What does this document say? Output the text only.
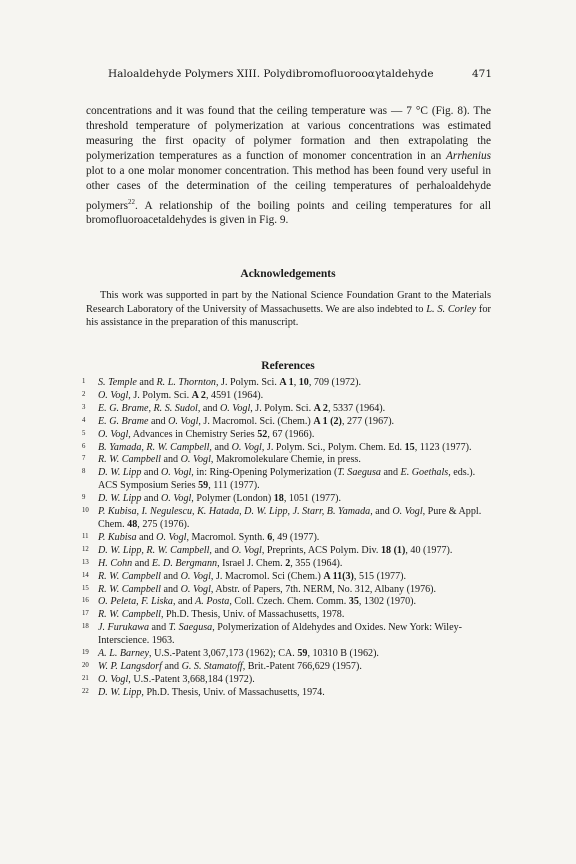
Haloaldehyde Polymers XIII. Polydibromofluoroοαγtaldehyde	471
concentrations and it was found that the ceiling temperature was — 7 °C (Fig. 8). The threshold temperature of polymerization at various concentrations was estimated measuring the first opacity of polymer formation and then extrapolating the polymerization temperatures as a function of monomer concentration in an Arrhenius plot to a one molar monomer concentration. This method has been found very useful in other cases of the determination of the ceiling temperatures of perhaloaldehyde polymers$^{22}$. A relationship of the boiling points and ceiling temperatures for all bromofluoroacetaldehydes is given in Fig. 9.
Acknowledgements
This work was supported in part by the National Science Foundation Grant to the Materials Research Laboratory of the University of Massachusetts. We are also indebted to L. S. Corley for his assistance in the preparation of this manuscript.
References
1 S. Temple and R. L. Thornton, J. Polym. Sci. A 1, 10, 709 (1972).
2 O. Vogl, J. Polym. Sci. A 2, 4591 (1964).
3 E. G. Brame, R. S. Sudol, and O. Vogl, J. Polym. Sci. A 2, 5337 (1964).
4 E. G. Brame and O. Vogl, J. Macromol. Sci. (Chem.) A 1 (2), 277 (1967).
5 O. Vogl, Advances in Chemistry Series 52, 67 (1966).
6 B. Yamada, R. W. Campbell, and O. Vogl, J. Polym. Sci., Polym. Chem. Ed. 15, 1123 (1977).
7 R. W. Campbell and O. Vogl, Makromolekulare Chemie, in press.
8 D. W. Lipp and O. Vogl, in: Ring-Opening Polymerization (T. Saegusa and E. Goethals, eds.). ACS Symposium Series 59, 111 (1977).
9 D. W. Lipp and O. Vogl, Polymer (London) 18, 1051 (1977).
10 P. Kubisa, I. Negulescu, K. Hatada, D. W. Lipp, J. Starr, B. Yamada, and O. Vogl, Pure & Appl. Chem. 48, 275 (1976).
11 P. Kubisa and O. Vogl, Macromol. Synth. 6, 49 (1977).
12 D. W. Lipp, R. W. Campbell, and O. Vogl, Preprints, ACS Polym. Div. 18 (1), 40 (1977).
13 H. Cohn and E. D. Bergmann, Israel J. Chem. 2, 355 (1964).
14 R. W. Campbell and O. Vogl, J. Macromol. Sci (Chem.) A 11(3), 515 (1977).
15 R. W. Campbell and O. Vogl, Abstr. of Papers, 7th. NERM, No. 312, Albany (1976).
16 O. Peleta, F. Liska, and A. Posta, Coll. Czech. Chem. Comm. 35, 1302 (1970).
17 R. W. Campbell, Ph.D. Thesis, Univ. of Massachusetts, 1978.
18 J. Furukawa and T. Saegusa, Polymerization of Aldehydes and Oxides. New York: Wiley-Interscience. 1963.
19 A. L. Barney, U.S.-Patent 3,067,173 (1962); CA. 59, 10310 B (1962).
20 W. P. Langsdorf and G. S. Stamatoff, Brit.-Patent 766,629 (1957).
21 O. Vogl, U.S.-Patent 3,668,184 (1972).
22 D. W. Lipp, Ph.D. Thesis, Univ. of Massachusetts, 1974.
